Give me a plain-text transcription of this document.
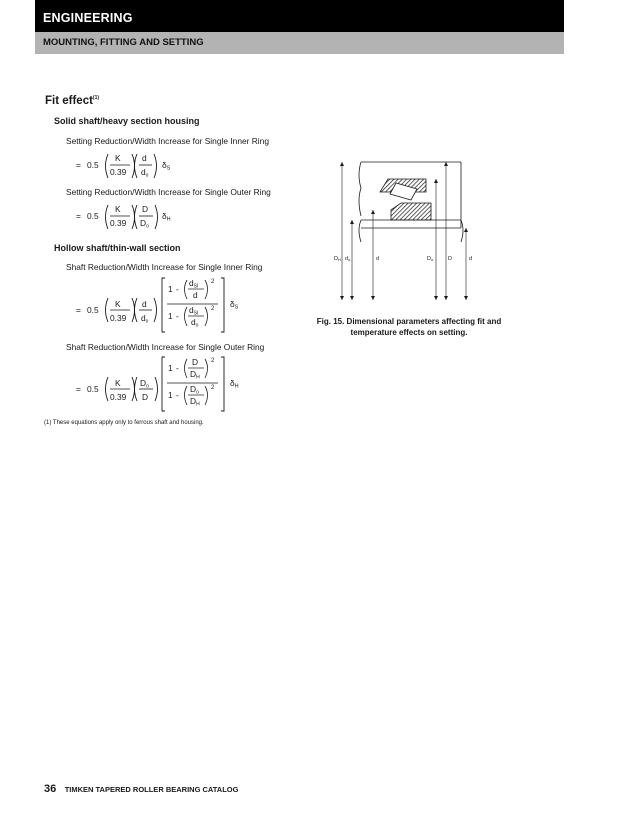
ENGINEERING
MOUNTING, FITTING AND SETTING
Fit effect$^{(1)}$
Solid shaft/heavy section housing
Setting Reduction/Width Increase for Single Inner Ring
Setting Reduction/Width Increase for Single Outer Ring
Hollow shaft/thin-wall section
Shaft Reduction/Width Increase for Single Inner Ring
Shaft Reduction/Width Increase for Single Outer Ring
= 0.5
K
0.39
d
do
δS
= 0.5
K
0.39
D
Do
δH
= 0.5
K
0.39
d
do
1 -
dSI
d
2
1 -
dSI
do
2 δS
= 0.5
K
0.39
Do
D
1 -
D
DH
2
1 -
Do
DH
2 δH
(1) These equations apply only to ferrous shaft and housing.
DH do	d	Do	D	d
Fig. 15. Dimensional parameters affecting fit and temperature effects on setting.
36 TIMKEN TAPERED ROLLER BEARING CATALOG
